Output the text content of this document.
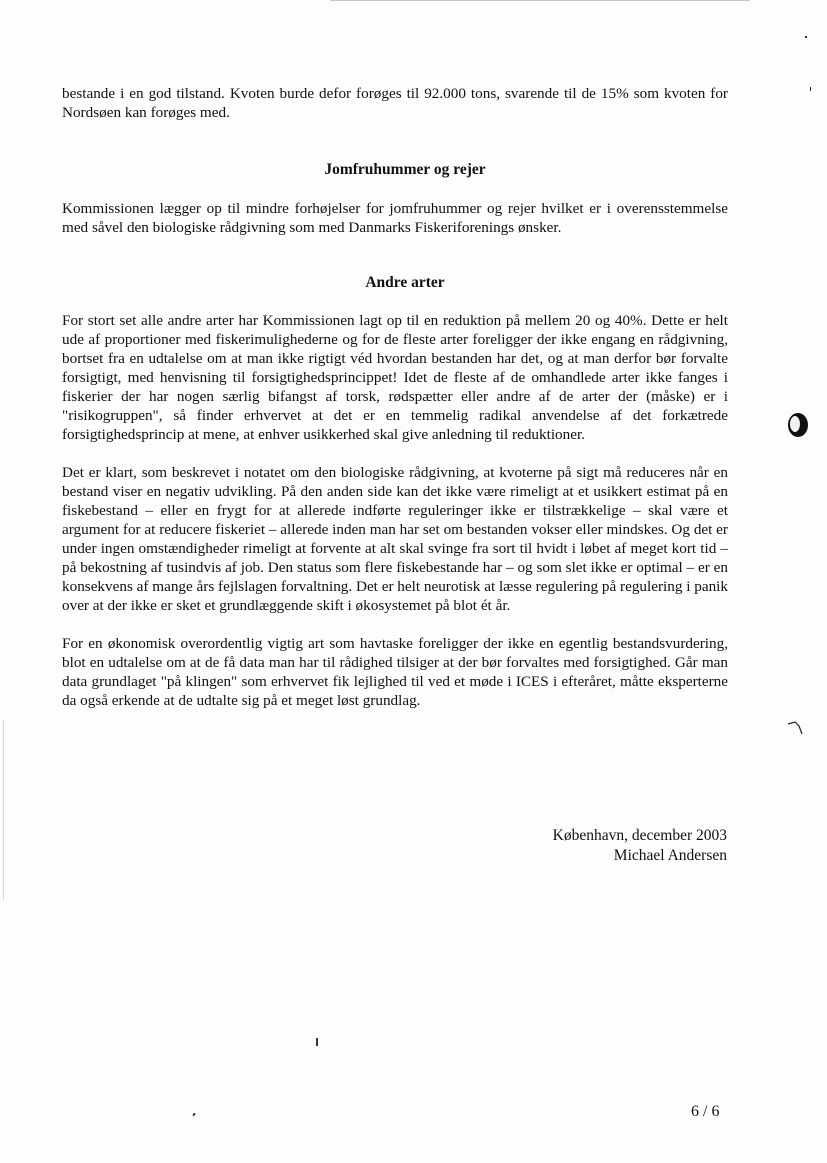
bestande i en god tilstand. Kvoten burde defor forøges til 92.000 tons, svarende til de 15% som kvoten for Nordsøen kan forøges med.

Jomfruhummer og rejer

Kommissionen lægger op til mindre forhøjelser for jomfruhummer og rejer hvilket er i overensstemmelse med såvel den biologiske rådgivning som med Danmarks Fiskeriforenings ønsker.

Andre arter

For stort set alle andre arter har Kommissionen lagt op til en reduktion på mellem 20 og 40%. Dette er helt ude af proportioner med fiskerimulighederne og for de fleste arter foreligger der ikke engang en rådgivning, bortset fra en udtalelse om at man ikke rigtigt véd hvordan bestanden har det, og at man derfor bør forvalte forsigtigt, med henvisning til forsigtighedsprincippet! Idet de fleste af de omhandlede arter ikke fanges i fiskerier der har nogen særlig bifangst af torsk, rødspætter eller andre af de arter der (måske) er i "risikogruppen", så finder erhvervet at det er en temmelig radikal anvendelse af det forkætrede forsigtighedsprincip at mene, at enhver usikkerhed skal give anledning til reduktioner.

Det er klart, som beskrevet i notatet om den biologiske rådgivning, at kvoterne på sigt må reduceres når en bestand viser en negativ udvikling. På den anden side kan det ikke være rimeligt at et usikkert estimat på en fiskebestand – eller en frygt for at allerede indførte reguleringer ikke er tilstrækkelige – skal være et argument for at reducere fiskeriet – allerede inden man har set om bestanden vokser eller mindskes. Og det er under ingen omstændigheder rimeligt at forvente at alt skal svinge fra sort til hvidt i løbet af meget kort tid – på bekostning af tusindvis af job. Den status som flere fiskebestande har – og som slet ikke er optimal – er en konsekvens af mange års fejlslagen forvaltning. Det er helt neurotisk at læsse regulering på regulering i panik over at der ikke er sket et grundlæggende skift i økosystemet på blot ét år.

For en økonomisk overordentlig vigtig art som havtaske foreligger der ikke en egentlig bestandsvurdering, blot en udtalelse om at de få data man har til rådighed tilsiger at der bør forvaltes med forsigtighed. Går man data grundlaget "på klingen" som erhvervet fik lejlighed til ved et møde i ICES i efteråret, måtte eksperterne da også erkende at de udtalte sig på et meget løst grundlag.

København, december 2003
Michael Andersen
6 / 6
